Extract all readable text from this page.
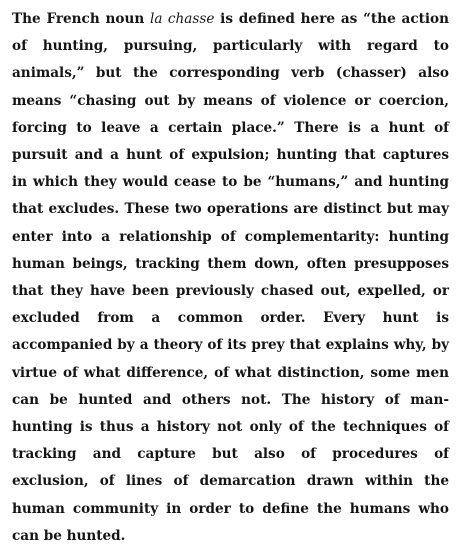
The French noun la chasse is defined here as “the action of hunting, pursuing, particularly with regard to animals,” but the corresponding verb (chasser) also means “chasing out by means of violence or coercion, forcing to leave a certain place.” There is a hunt of pursuit and a hunt of expulsion; hunting that captures in which they would cease to be “humans,” and hunting that excludes. These two operations are distinct but may enter into a relationship of complementarity: hunting human beings, tracking them down, often presupposes that they have been previously chased out, expelled, or excluded from a common order. Every hunt is accompanied by a theory of its prey that explains why, by virtue of what difference, of what distinction, some men can be hunted and others not. The history of man-hunting is thus a history not only of the techniques of tracking and capture but also of procedures of exclusion, of lines of demarcation drawn within the human community in order to define the humans who can be hunted.
